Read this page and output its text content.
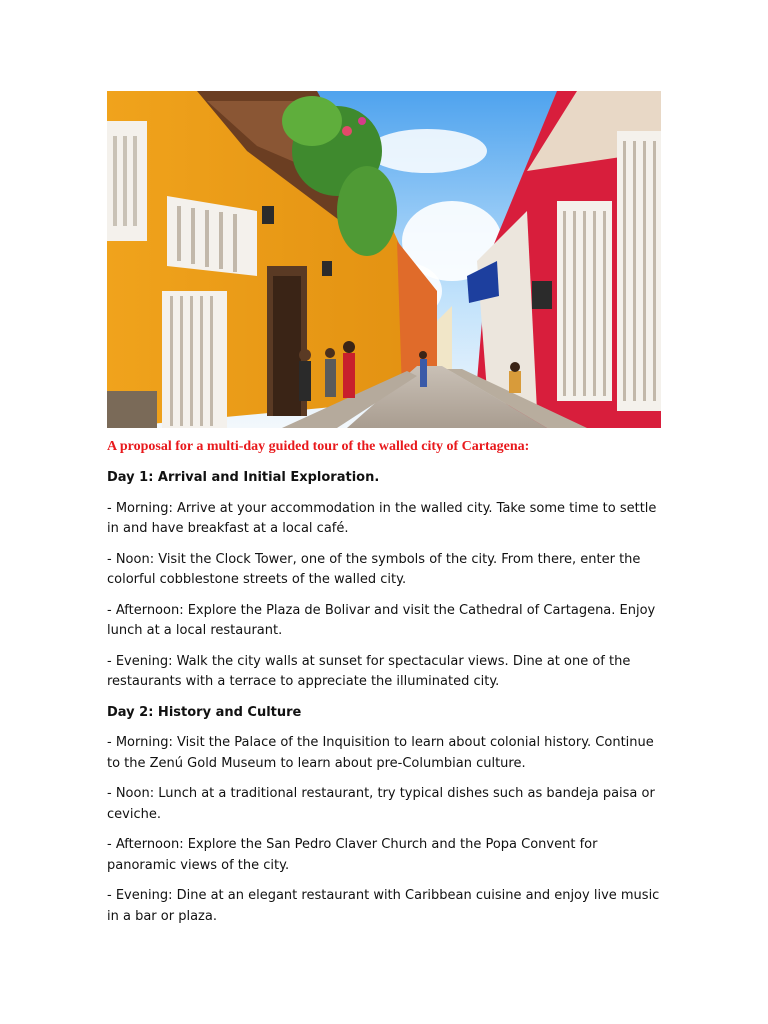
A proposal for a multi-day guided tour of the walled city of Cartagena:

Day 1: Arrival and Initial Exploration.

- Morning: Arrive at your accommodation in the walled city. Take some time to settle in and have breakfast at a local café.

- Noon: Visit the Clock Tower, one of the symbols of the city. From there, enter the colorful cobblestone streets of the walled city.

- Afternoon: Explore the Plaza de Bolivar and visit the Cathedral of Cartagena. Enjoy lunch at a local restaurant.

- Evening: Walk the city walls at sunset for spectacular views. Dine at one of the restaurants with a terrace to appreciate the illuminated city.

Day 2: History and Culture

- Morning: Visit the Palace of the Inquisition to learn about colonial history. Continue to the Zenú Gold Museum to learn about pre-Columbian culture.

- Noon: Lunch at a traditional restaurant, try typical dishes such as bandeja paisa or ceviche.

- Afternoon: Explore the San Pedro Claver Church and the Popa Convent for panoramic views of the city.

- Evening: Dine at an elegant restaurant with Caribbean cuisine and enjoy live music in a bar or plaza.
